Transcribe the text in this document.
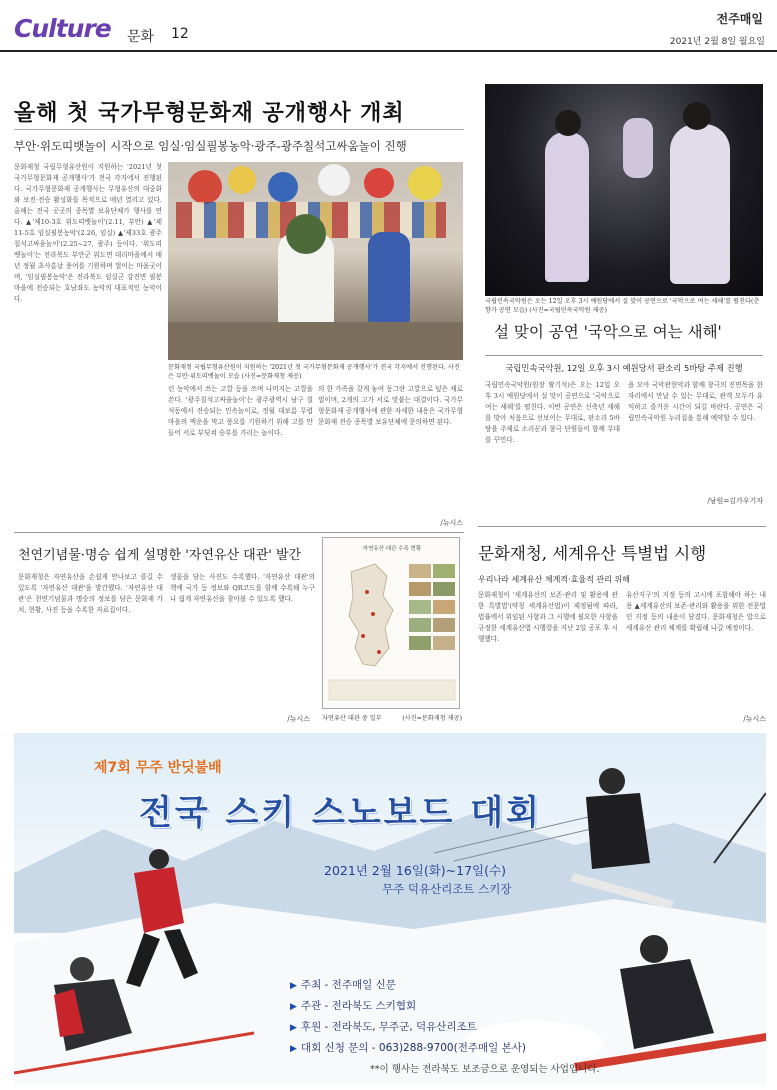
Culture 문화 12
전주매일
2021년 2월 8일 월요일
올해 첫 국가무형문화재 공개행사 개최
부안·위도띠뱃놀이 시작으로 임실·임실필봉농악·광주-광주칠석고싸움놀이 진행
문화재청 국립무형유산원이 지원하는 '2021년 첫 국가무형문화재 공개행사'가 전국 각지에서 진행된다. 국가무형문화재 공개행사는 무형유산의 대중화와 보전·전승 활성화를 목적으로 매년 열리고 있다. 올해는 전국 곳곳의 종목별 보유단체가 행사를 연다. ▲'제10-3호 위도띠뱃놀이'(2.11, 부안) ▲'제11-5호 임실필봉농악'(2.26, 임실) ▲'제33호 광주칠석고싸움놀이'(2.25~27, 광주) 등이다. '위도띠뱃놀이'는 전라북도 부안군 위도면 대리마을에서 매년 정월 초사흗날 풍어를 기원하며 벌이는 마을굿이며, '임실필봉농악'은 전라북도 임실군 강진면 필봉마을에 전승되는 호남좌도 농악의 대표적인 농악이다.
문화재청 국립무형유산원이 지원하는 '2021년 첫 국가무형문화재 공개행사'가 전국 각지에서 진행된다. 사진은 부안·위도띠뱃놀이 모습 (사진=문화재청 제공)
린 농악에서 쓰는 고깔 등을 쓰며 나머지는 고깔을 쓴다. '광주칠석고싸움놀이'는 광주광역시 남구 칠석동에서 전승되는 민속놀이로, 정월 대보름 무렵 마을의 액운을 막고 풍요를 기원하기 위해 고를 만들어 서로 부딪쳐 승부를 가리는 놀이다.
의 한 가족을 갖게 놓여 동그란 고깔으로 덮은 채로 벌이며, 2개의 고가 서로 맞붙는 대결이다. 국가무형문화재 공개행사에 관한 자세한 내용은 국가무형문화재 전승 종목별 보유단체에 문의하면 된다.
/뉴시스
국립민속국악원은 오는 12일 오후 3시 예원당에서 설 맞이 공연으로 '국악으로 여는 새해'를 펼친다(춘향가 공연 모습) (사진=국립민속국악원 제공)
설 맞이 공연 '국악으로 여는 새해'
국립민속국악원, 12일 오후 3시 예원당서 판소리 5바탕 주제 진행
국립민속국악원(원장 왕기석)은 오는 12일 오후 3시 예원당에서 설 맞이 공연으로 '국악으로 여는 새해'를 펼친다. 이번 공연은 신축년 새해를 맞아 처음으로 선보이는 무대로, 판소리 5바탕을 주제로 소리꾼과 창극 단원들이 함께 무대를 꾸민다.
을 모아 국악관현악과 함께 창극의 진면목을 한자리에서 만날 수 있는 무대로, 관객 모두가 유익하고 즐거운 시간이 되길 바란다. 공연은 국립민속국악원 누리집을 통해 예약할 수 있다.
/남원=김가우기자
천연기념물·명승 쉽게 설명한 '자연유산 대관' 발간
문화재청은 자연유산을 손쉽게 만나보고 즐길 수 있도록 '자연유산 대관'을 발간했다. '자연유산 대관'은 천연기념물과 명승의 정보를 담은 문화재 가치, 현황, 사진 등을 수록한 자료집이다.
생물을 담는 사진도 수록했다. '자연유산 대관'의 책에 국가 등 정보와 QR코드를 함께 수록해 누구나 쉽게 자연유산을 찾아볼 수 있도록 했다.
/뉴시스
자연유산 대관 수록 현황
자연유산 대관 중 일부	(사진=문화재청 제공)
문화재청, 세계유산 특별법 시행
우리나라 세계유산 체계적·효율적 관리 위해
문화재청이 '세계유산의 보존·관리 및 활용에 관한 특별법'(약칭 세계유산법)이 제정됨에 따라, 법률에서 위임된 사항과 그 시행에 필요한 사항을 규정한 세계유산법 시행령을 지난 2일 공포 후 시행했다.
유산지구'의 지정 등의 고시에 포함해야 하는 내용 ▲세계유산의 보존·관리와 활용을 위한 전문법인 지정 등의 내용이 담겼다. 문화재청은 앞으로 세계유산 관리 체계를 확립해 나갈 예정이다.
/뉴시스
제7회 무주 반딧불배
전국 스키 스노보드 대회
2021년 2월 16일(화)~17일(수)
무주 덕유산리조트 스키장
▶ 주최 - 전주매일 신문
▶ 주관 - 전라북도 스키협회
▶ 후원 - 전라북도, 무주군, 덕유산리조트
▶ 대회 신청 문의 - 063)288-9700(전주매일 본사)
**이 행사는 전라북도 보조금으로 운영되는 사업입니다.
